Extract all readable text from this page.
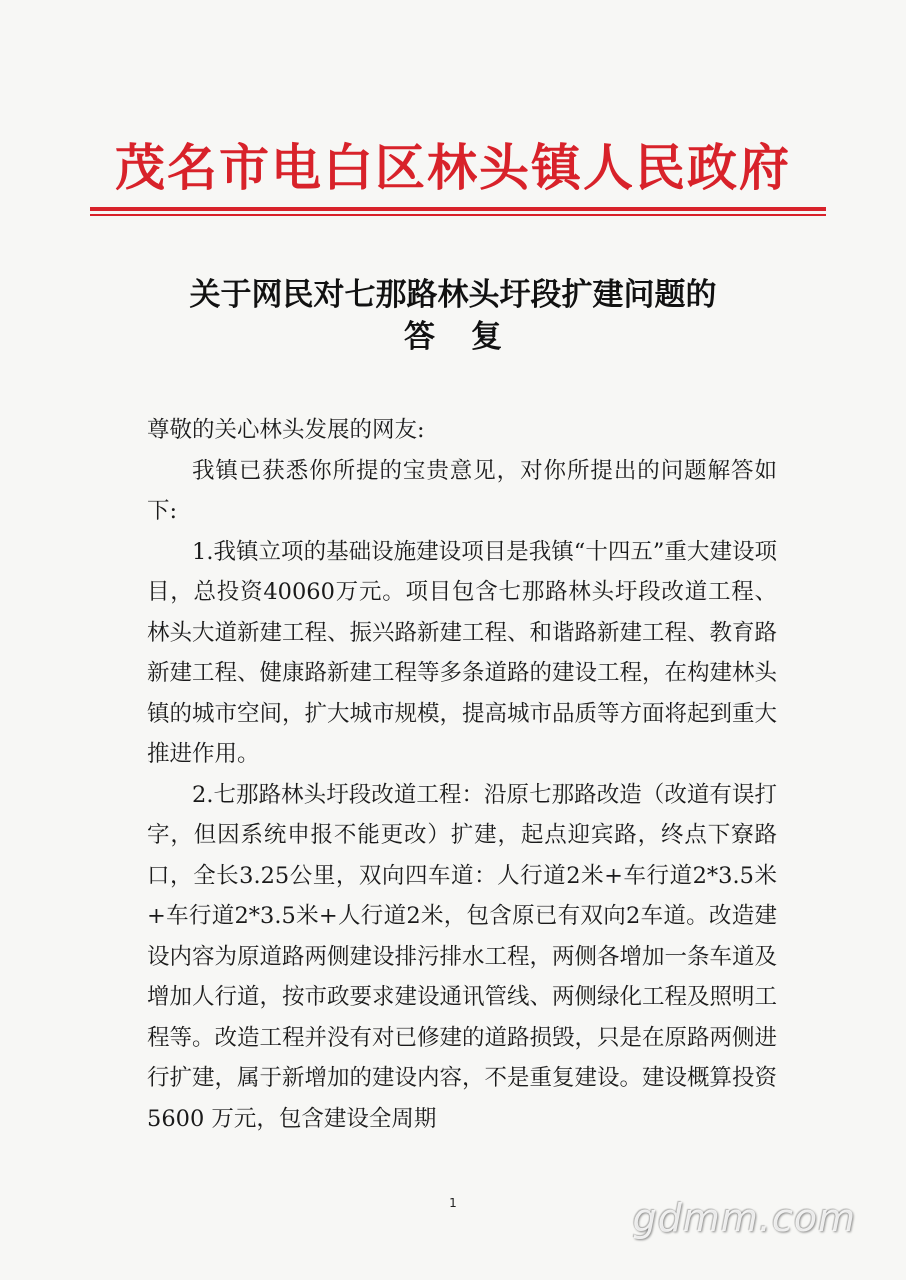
茂名市电白区林头镇人民政府
关于网民对七那路林头圩段扩建问题的
答复

尊敬的关心林头发展的网友:

我镇已获悉你所提的宝贵意见，对你所提出的问题解答如下:

1.我镇立项的基础设施建设项目是我镇“十四五”重大建设项目，总投资40060万元。项目包含七那路林头圩段改道工程、林头大道新建工程、振兴路新建工程、和谐路新建工程、教育路新建工程、健康路新建工程等多条道路的建设工程，在构建林头镇的城市空间，扩大城市规模，提高城市品质等方面将起到重大推进作用。

2.七那路林头圩段改道工程：沿原七那路改造（改道有误打字，但因系统申报不能更改）扩建，起点迎宾路，终点下寮路口，全长3.25公里，双向四车道：人行道2米+车行道2*3.5米+车行道2*3.5米+人行道2米，包含原已有双向2车道。改造建设内容为原道路两侧建设排污排水工程，两侧各增加一条车道及增加人行道，按市政要求建设通讯管线、两侧绿化工程及照明工程等。改造工程并没有对已修建的道路损毁，只是在原路两侧进行扩建，属于新增加的建设内容，不是重复建设。建设概算投资 5600 万元，包含建设全周期

1	gdmm.com
